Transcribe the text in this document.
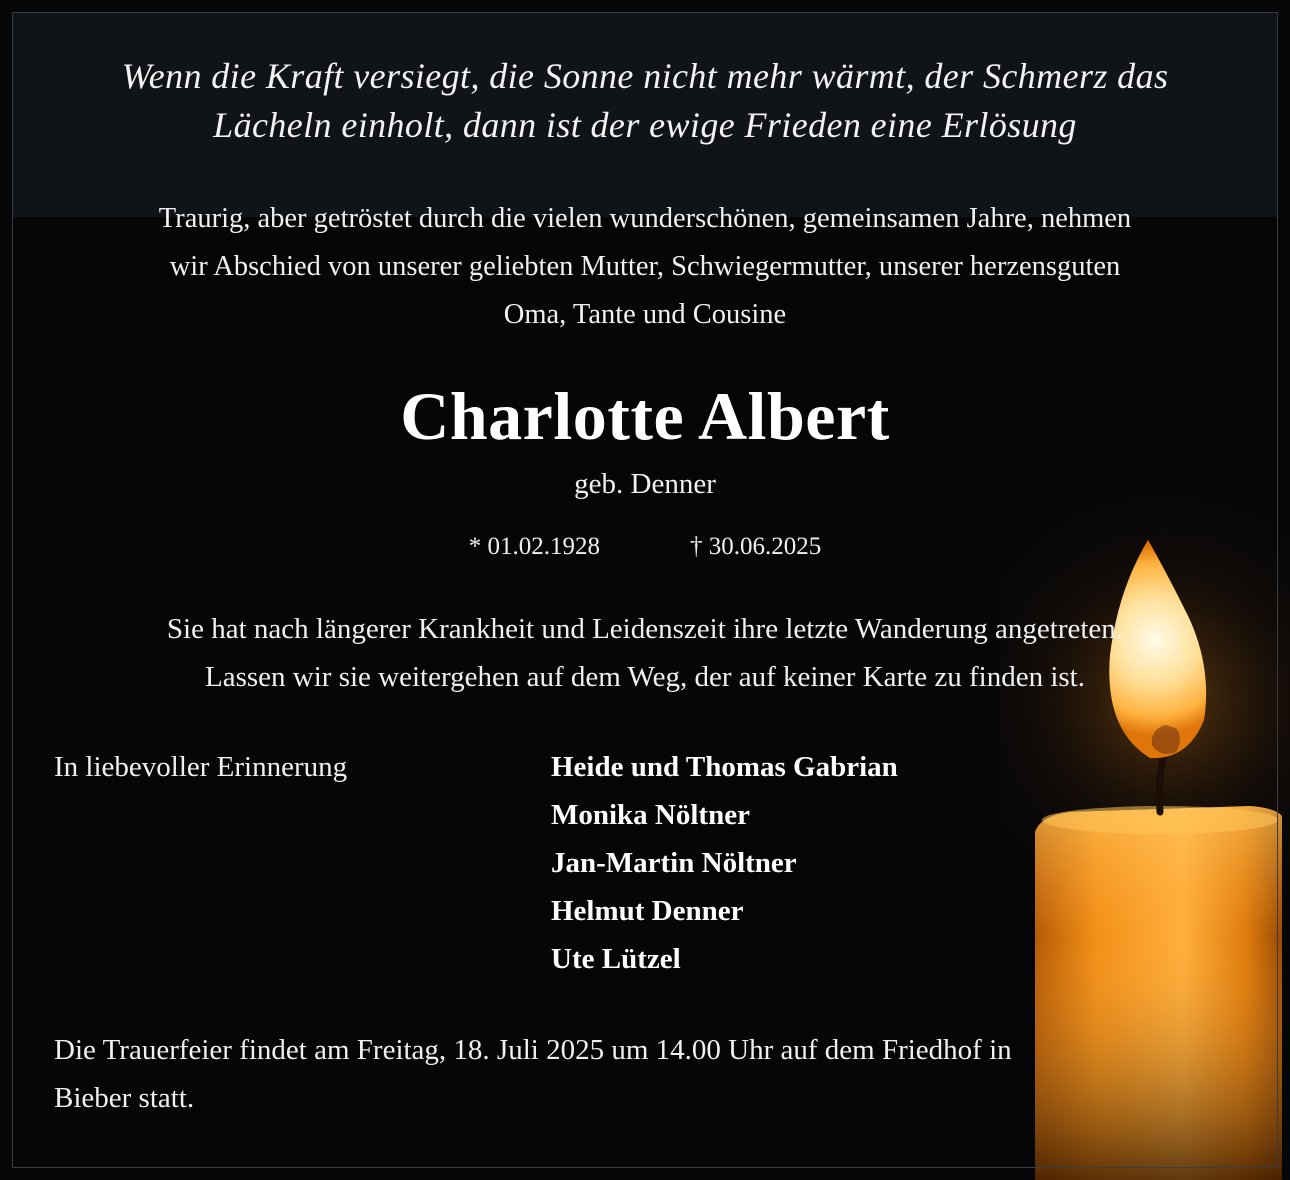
Wenn die Kraft versiegt, die Sonne nicht mehr wärmt, der Schmerz das
Lächeln einholt, dann ist der ewige Frieden eine Erlösung
Traurig, aber getröstet durch die vielen wunderschönen, gemeinsamen Jahre, nehmen
wir Abschied von unserer geliebten Mutter, Schwiegermutter, unserer herzensguten
Oma, Tante und Cousine
Charlotte Albert
geb. Denner
* 01.02.1928	† 30.06.2025
Sie hat nach längerer Krankheit und Leidenszeit ihre letzte Wanderung angetreten.
Lassen wir sie weitergehen auf dem Weg, der auf keiner Karte zu finden ist.
In liebevoller Erinnerung	Heide und Thomas Gabrian
Monika Nöltner
Jan-Martin Nöltner
Helmut Denner
Ute Lützel
Die Trauerfeier findet am Freitag, 18. Juli 2025 um 14.00 Uhr auf dem Friedhof in
Bieber statt.
